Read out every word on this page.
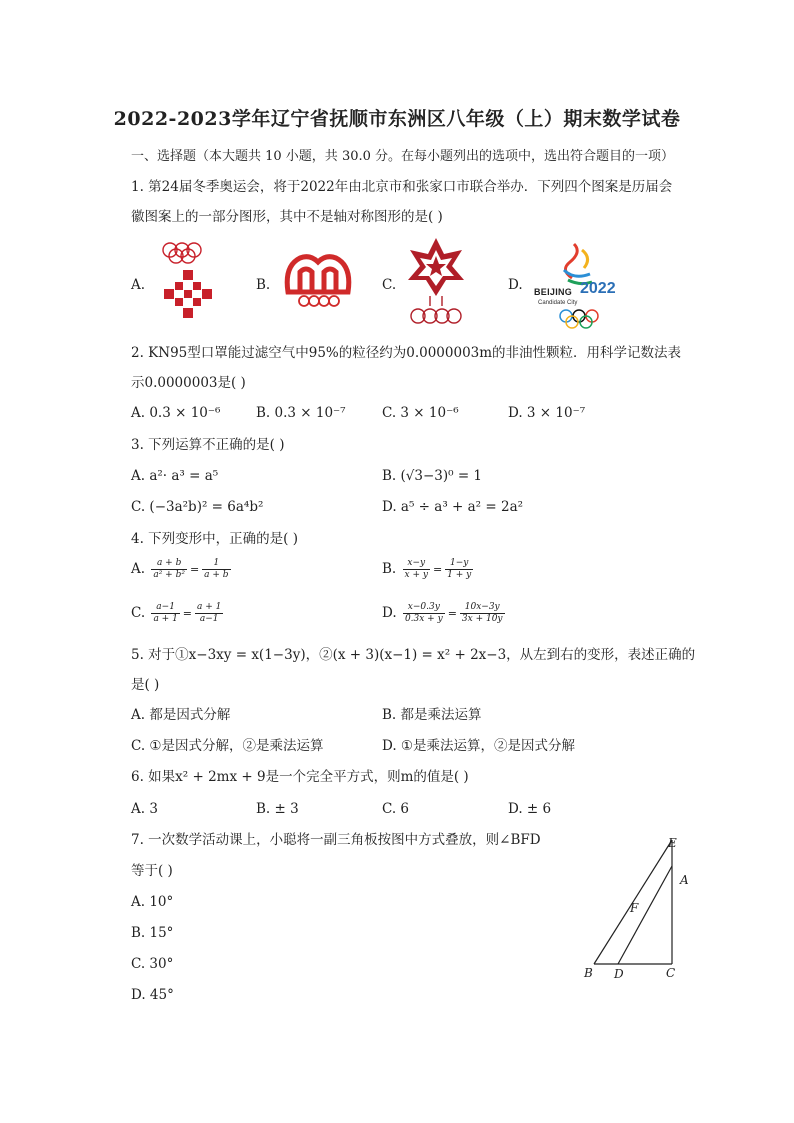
2022-2023学年辽宁省抚顺市东洲区八年级（上）期末数学试卷
一、选择题（本大题共 10 小题，共 30.0 分。在每小题列出的选项中，选出符合题目的一项）
1. 第24届冬季奥运会，将于2022年由北京市和张家口市联合举办．下列四个图案是历届会
徽图案上的一部分图形，其中不是轴对称图形的是( )
A.	B.	C.	D. BEIJING
Candidate City
2022
2. KN95型口罩能过滤空气中95%的粒径约为0.0000003m的非油性颗粒．用科学记数法表
示0.0000003是( )
A. 0.3 × 10⁻⁶	B. 0.3 × 10⁻⁷	C. 3 × 10⁻⁶	D. 3 × 10⁻⁷
3. 下列运算不正确的是( )
A. a²· a³ = a⁵	B. (√3−3)⁰ = 1
C. (−3a²b)² = 6a⁴b²	D. a⁵ ÷ a³ + a² = 2a²
4. 下列变形中，正确的是( )
A. $\frac{a + b}{\text{a² + b²}} = \frac{1}{a + b}$	B. $\frac{x-y}{x + y} = \frac{1-y}{1 + y}$
C. $\frac{a-1}{a + 1} = \frac{a + 1}{a-1}$	D. $\frac{x-0.3y}{0.3x + y} = \frac{10x-3y}{3x + 10y}$
5. 对于①x−3xy = x(1−3y)，②(x + 3)(x−1) = x² + 2x−3，从左到右的变形，表述正确的
是( )
A. 都是因式分解	B. 都是乘法运算
C. ①是因式分解，②是乘法运算	D. ①是乘法运算，②是因式分解
6. 如果x² + 2mx + 9是一个完全平方式，则m的值是( )
A. 3	B. ± 3	C. 6	D. ± 6
7. 一次数学活动课上，小聪将一副三角板按图中方式叠放，则∠BFD
等于( )
A. 10°
B. 15°
C. 30°
D. 45°
E
A
F
B D	C
